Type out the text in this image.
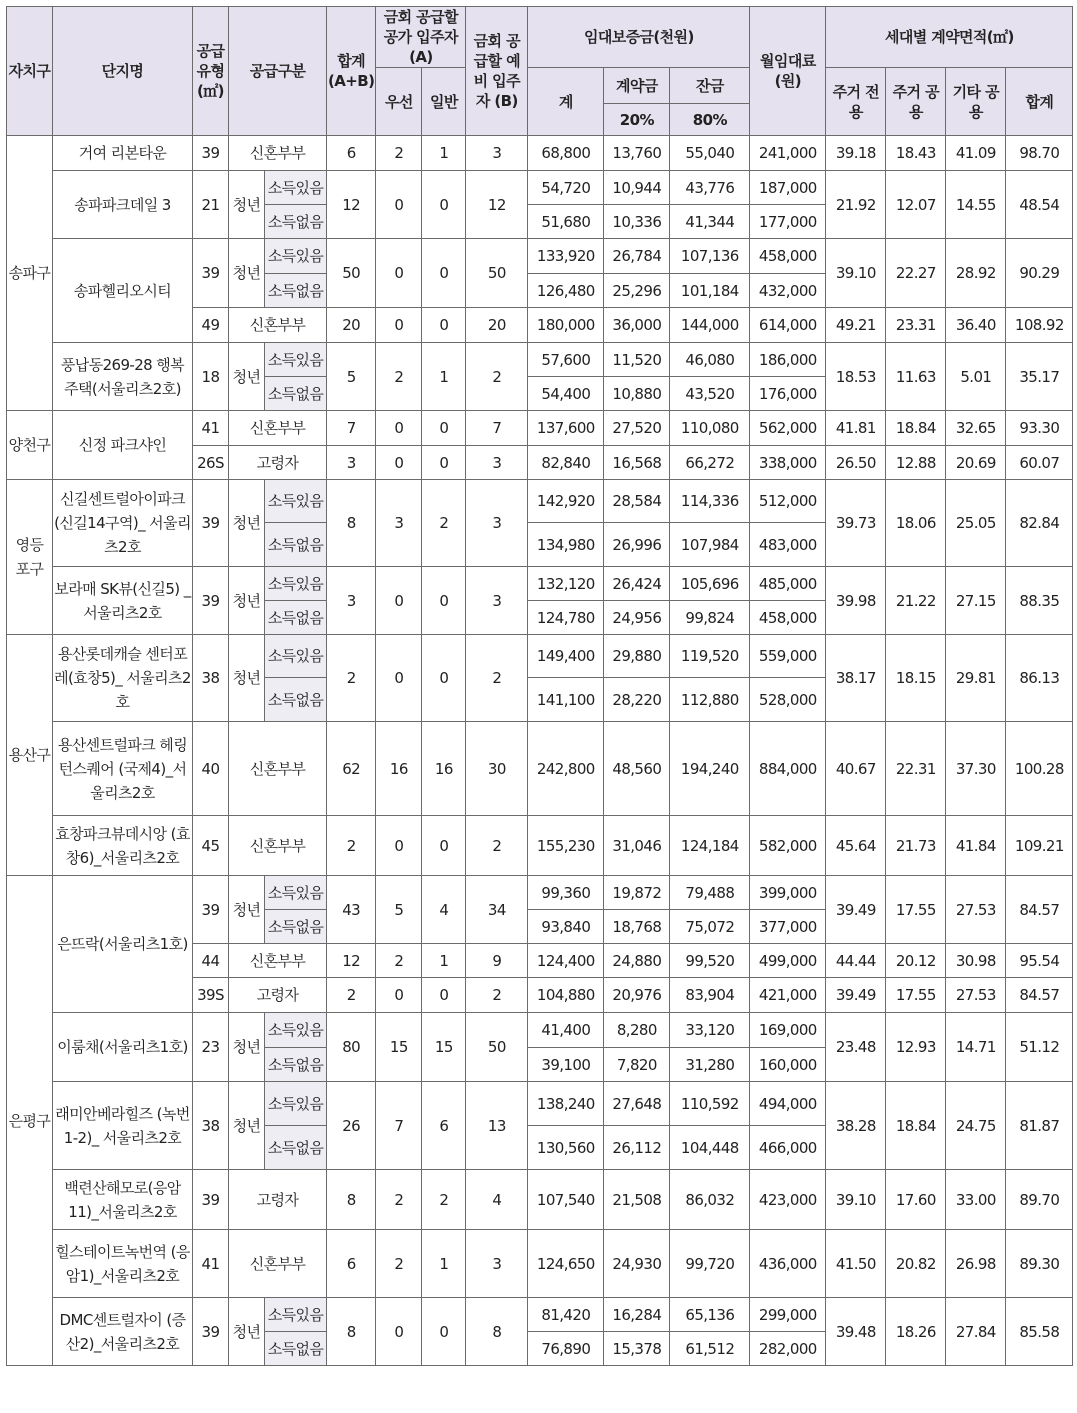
자치구	단지명	공급 유형 (㎡)	공급구분		합계 (A+B)	금회 공급할 공가 입주자 (A)		금회 공급할 예비 입주자 (B)	임대보증금(천원)			월임대료 (원)	세대별 계약면적(㎡)			
						우선	일반		계	계약금	잔금		주거 전용	주거 공용	기타 공용	합계
										20%	80%					
송파구	거여 리본타운	39	신혼부부		6	2	1	3	68,800	13,760	55,040	241,000	39.18	18.43	41.09	98.70
	송파파크데일 3	21	청년	소득있음	12	0	0	12	54,720	10,944	43,776	187,000	21.92	12.07	14.55	48.54
				소득없음					51,680	10,336	41,344	177,000				
	송파헬리오시티	39	청년	소득있음	50	0	0	50	133,920	26,784	107,136	458,000	39.10	22.27	28.92	90.29
				소득없음					126,480	25,296	101,184	432,000				
		49	신혼부부		20	0	0	20	180,000	36,000	144,000	614,000	49.21	23.31	36.40	108.92
	풍납동269-28 행복주택(서울리츠2호)	18	청년	소득있음	5	2	1	2	57,600	11,520	46,080	186,000	18.53	11.63	5.01	35.17
				소득없음					54,400	10,880	43,520	176,000				
양천구	신정 파크샤인	41	신혼부부		7	0	0	7	137,600	27,520	110,080	562,000	41.81	18.84	32.65	93.30
		26S	고령자		3	0	0	3	82,840	16,568	66,272	338,000	26.50	12.88	20.69	60.07
영등 포구	신길센트럴아이파크 (신길14구역)_ 서울리츠2호	39	청년	소득있음	8	3	2	3	142,920	28,584	114,336	512,000	39.73	18.06	25.05	82.84
				소득없음					134,980	26,996	107,984	483,000				
	보라매 SK뷰(신길5) _서울리츠2호	39	청년	소득있음	3	0	0	3	132,120	26,424	105,696	485,000	39.98	21.22	27.15	88.35
				소득없음					124,780	24,956	99,824	458,000				
용산구	용산롯데캐슬 센터포레(효창5)_ 서울리츠2호	38	청년	소득있음	2	0	0	2	149,400	29,880	119,520	559,000	38.17	18.15	29.81	86.13
				소득없음					141,100	28,220	112,880	528,000				
	용산센트럴파크 헤링턴스퀘어 (국제4)_서울리츠2호	40	신혼부부		62	16	16	30	242,800	48,560	194,240	884,000	40.67	22.31	37.30	100.28
	효창파크뷰데시앙 (효창6)_서울리츠2호	45	신혼부부		2	0	0	2	155,230	31,046	124,184	582,000	45.64	21.73	41.84	109.21
은평구	은뜨락(서울리츠1호)	39	청년	소득있음	43	5	4	34	99,360	19,872	79,488	399,000	39.49	17.55	27.53	84.57
				소득없음					93,840	18,768	75,072	377,000				
		44	신혼부부		12	2	1	9	124,400	24,880	99,520	499,000	44.44	20.12	30.98	95.54
		39S	고령자		2	0	0	2	104,880	20,976	83,904	421,000	39.49	17.55	27.53	84.57
	이룸채(서울리츠1호)	23	청년	소득있음	80	15	15	50	41,400	8,280	33,120	169,000	23.48	12.93	14.71	51.12
				소득없음					39,100	7,820	31,280	160,000				
	래미안베라힐즈 (녹번1-2)_ 서울리츠2호	38	청년	소득있음	26	7	6	13	138,240	27,648	110,592	494,000	38.28	18.84	24.75	81.87
				소득없음					130,560	26,112	104,448	466,000				
	백련산해모로(응암 11)_서울리츠2호	39	고령자		8	2	2	4	107,540	21,508	86,032	423,000	39.10	17.60	33.00	89.70
	힐스테이트녹번역 (응암1)_서울리츠2호	41	신혼부부		6	2	1	3	124,650	24,930	99,720	436,000	41.50	20.82	26.98	89.30
	DMC센트럴자이 (증산2)_서울리츠2호	39	청년	소득있음	8	0	0	8	81,420	16,284	65,136	299,000	39.48	18.26	27.84	85.58
				소득없음					76,890	15,378	61,512	282,000				
